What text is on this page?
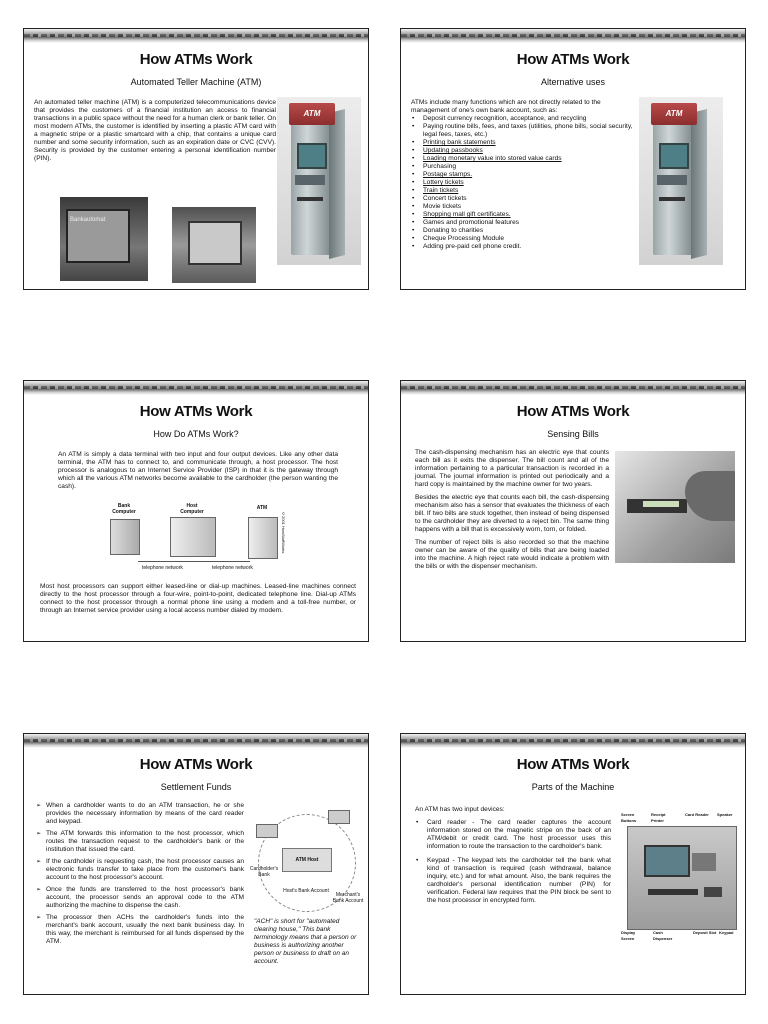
How ATMs Work
Automated Teller Machine (ATM)
An automated teller machine (ATM) is a computerized telecommunications device that provides the customers of a financial institution an access to financial transactions in a public space without the need for a human clerk or bank teller. On most modern ATMs, the customer is identified by inserting a plastic ATM card with a magnetic stripe or a plastic smartcard with a chip, that contains a unique card number and some security information, such as an expiration date or CVC (CVV). Security is provided by the customer entering a personal identification number (PIN).
ATM
Bankautomat
How ATMs Work
Alternative uses
ATMs include many functions which are not directly related to the management of one's own bank account, such as:
• Deposit currency recognition, acceptance, and recycling
• Paying routine bills, fees, and taxes (utilities, phone bills, social security, legal fees, taxes, etc.)
• Printing bank statements
• Updating passbooks
• Loading monetary value into stored value cards
• Purchasing
• Postage stamps.
• Lottery tickets
• Train tickets
• Concert tickets
• Movie tickets
• Shopping mall gift certificates.
• Games and promotional features
• Donating to charities
• Cheque Processing Module
• Adding pre-paid cell phone credit.
ATM
How ATMs Work
How Do ATMs Work?
An ATM is simply a data terminal with two input and four output devices. Like any other data terminal, the ATM has to connect to, and communicate through, a host processor. The host processor is analogous to an Internet Service Provider (ISP) in that it is the gateway through which all the various ATM networks become available to the cardholder (the person wanting the cash).
Bank Computer
Host Computer
ATM
telephone network	telephone network
©2001 HowStuffWorks
Most host processors can support either leased-line or dial-up machines. Leased-line machines connect directly to the host processor through a four-wire, point-to-point, dedicated telephone line. Dial-up ATMs connect to the host processor through a normal phone line using a modem and a toll-free number, or through an Internet service provider using a local access number dialed by modem.
How ATMs Work
Sensing Bills

The cash-dispensing mechanism has an electric eye that counts each bill as it exits the dispenser. The bill count and all of the information pertaining to a particular transaction is recorded in a journal. The journal information is printed out periodically and a hard copy is maintained by the machine owner for two years.

Besides the electric eye that counts each bill, the cash-dispensing mechanism also has a sensor that evaluates the thickness of each bill. If two bills are stuck together, then instead of being dispensed to the cardholder they are diverted to a reject bin. The same thing happens with a bill that is excessively worn, torn, or folded.

The number of reject bills is also recorded so that the machine owner can be aware of the quality of bills that are being loaded into the machine. A high reject rate would indicate a problem with the bills or with the dispenser mechanism.

How ATMs Work
Settlement Funds
➢ When a cardholder wants to do an ATM transaction, he or she provides the necessary information by means of the card reader and keypad.
➢ The ATM forwards this information to the host processor, which routes the transaction request to the cardholder's bank or the institution that issued the card.
➢ If the cardholder is requesting cash, the host processor causes an electronic funds transfer to take place from the customer's bank account to the host processor's account.
➢ Once the funds are transferred to the host processor's bank account, the processor sends an approval code to the ATM authorizing the machine to dispense the cash.
➢ The processor then ACHs the cardholder's funds into the merchant's bank account, usually the next bank business day. In this way, the merchant is reimbursed for all funds dispensed by the ATM.
ATM Host
Host's Bank Account
Merchant's Bank Account
Cardholder's Bank
"ACH" is short for "automated clearing house," This bank terminology means that a person or business is authorizing another person or business to draft on an account.
How ATMs Work
Parts of the Machine

An ATM has two input devices:

• Card reader - The card reader captures the account information stored on the magnetic stripe on the back of an ATM/debit or credit card. The host processor uses this information to route the transaction to the cardholder's bank.
• Keypad - The keypad lets the cardholder tell the bank what kind of transaction is required (cash withdrawal, balance inquiry, etc.) and for what amount. Also, the bank requires the cardholder's personal identification number (PIN) for verification. Federal law requires that the PIN block be sent to the host processor in encrypted form.
Screen Buttons
Receipt Printer
Card Reader	Speaker
Display Screen
Cash Dispenser
Deposit Slot Keypad
